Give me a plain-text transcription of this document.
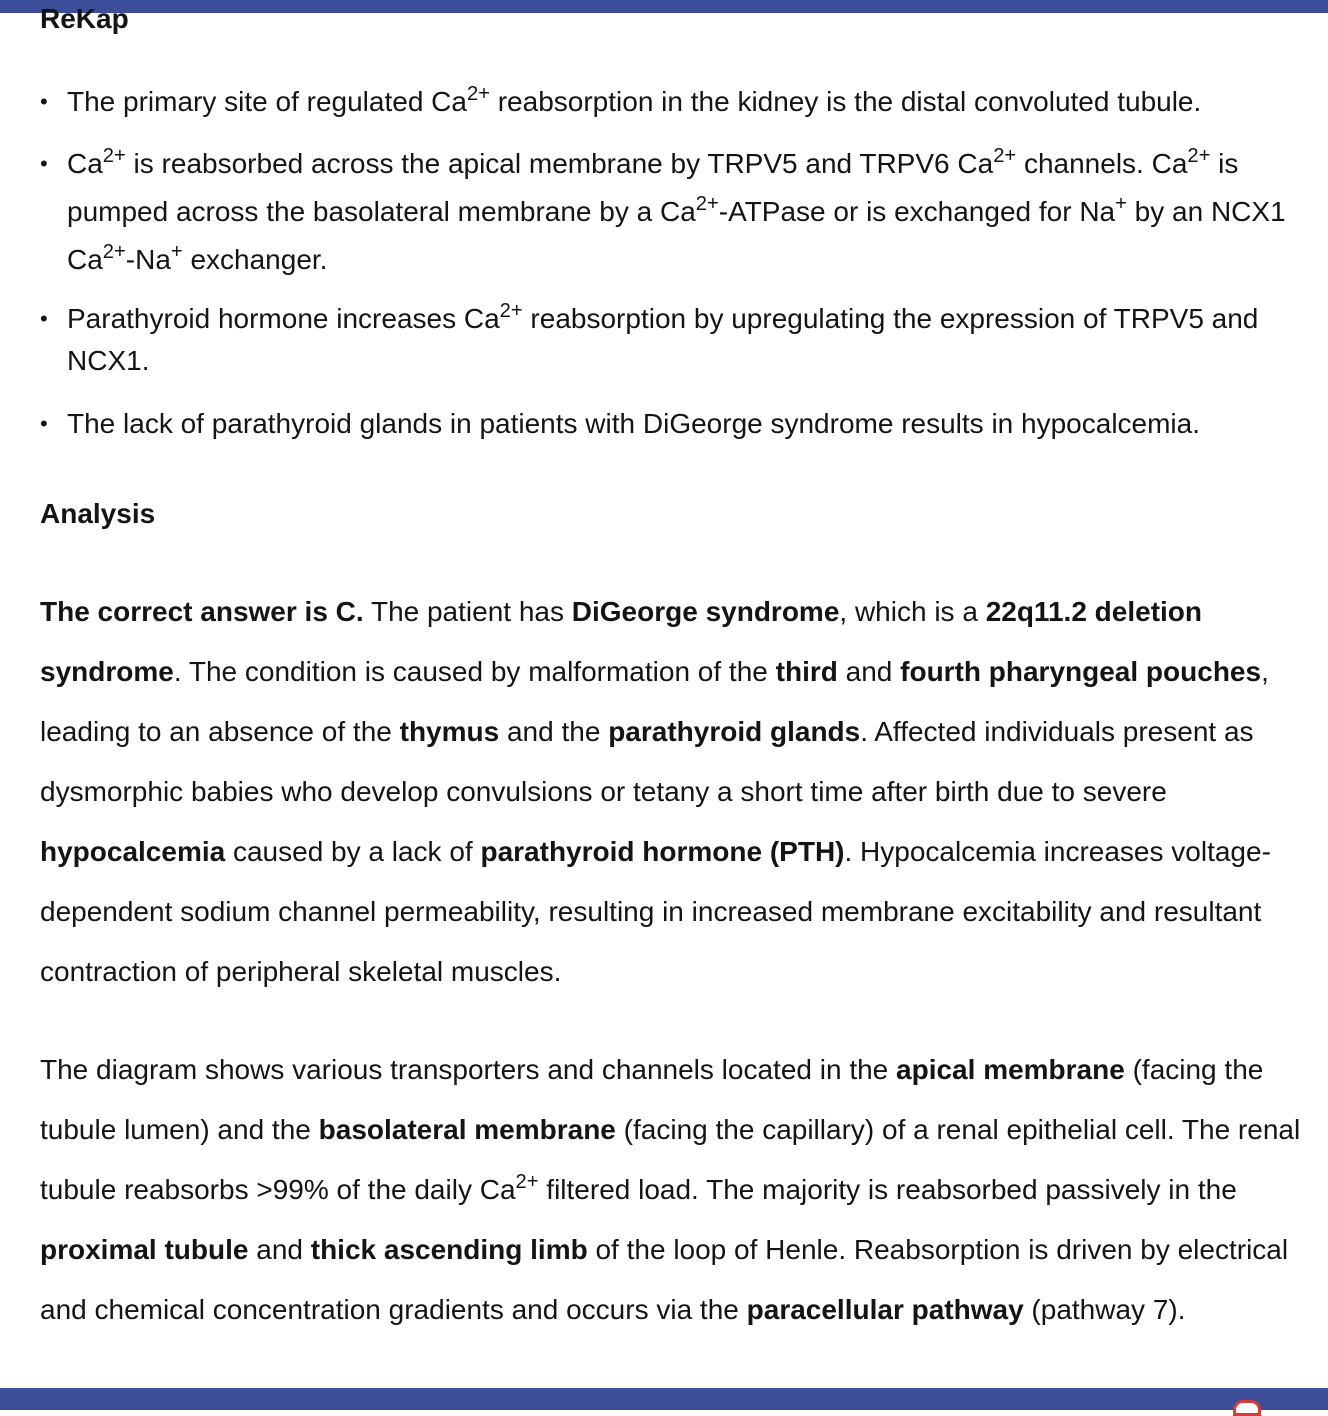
ReKap
• The primary site of regulated $Ca^{2+}$ reabsorption in the kidney is the distal convoluted tubule.
• $Ca^{2+}$ is reabsorbed across the apical membrane by TRPV5 and TRPV6 $Ca^{2+}$ channels. $Ca^{2+}$ is pumped across the basolateral membrane by a $Ca^{2+}$-ATPase or is exchanged for Na+ by an NCX1 $Ca^{2+}-Na^+$ exchanger.
• Parathyroid hormone increases $Ca^{2+}$ reabsorption by upregulating the expression of TRPV5 and NCX1.
• The lack of parathyroid glands in patients with DiGeorge syndrome results in hypocalcemia.
Analysis

The correct answer is C. The patient has DiGeorge syndrome, which is a 22q11.2 deletion syndrome. The condition is caused by malformation of the third and fourth pharyngeal pouches, leading to an absence of the thymus and the parathyroid glands. Affected individuals present as dysmorphic babies who develop convulsions or tetany a short time after birth due to severe hypocalcemia caused by a lack of parathyroid hormone (PTH). Hypocalcemia increases voltage-dependent sodium channel permeability, resulting in increased membrane excitability and resultant contraction of peripheral skeletal muscles.

The diagram shows various transporters and channels located in the apical membrane (facing the tubule lumen) and the basolateral membrane (facing the capillary) of a renal epithelial cell. The renal tubule reabsorbs >99% of the daily $Ca^{2+}$ filtered load. The majority is reabsorbed passively in the proximal tubule and thick ascending limb of the loop of Henle. Reabsorption is driven by electrical and chemical concentration gradients and occurs via the paracellular pathway (pathway 7).
